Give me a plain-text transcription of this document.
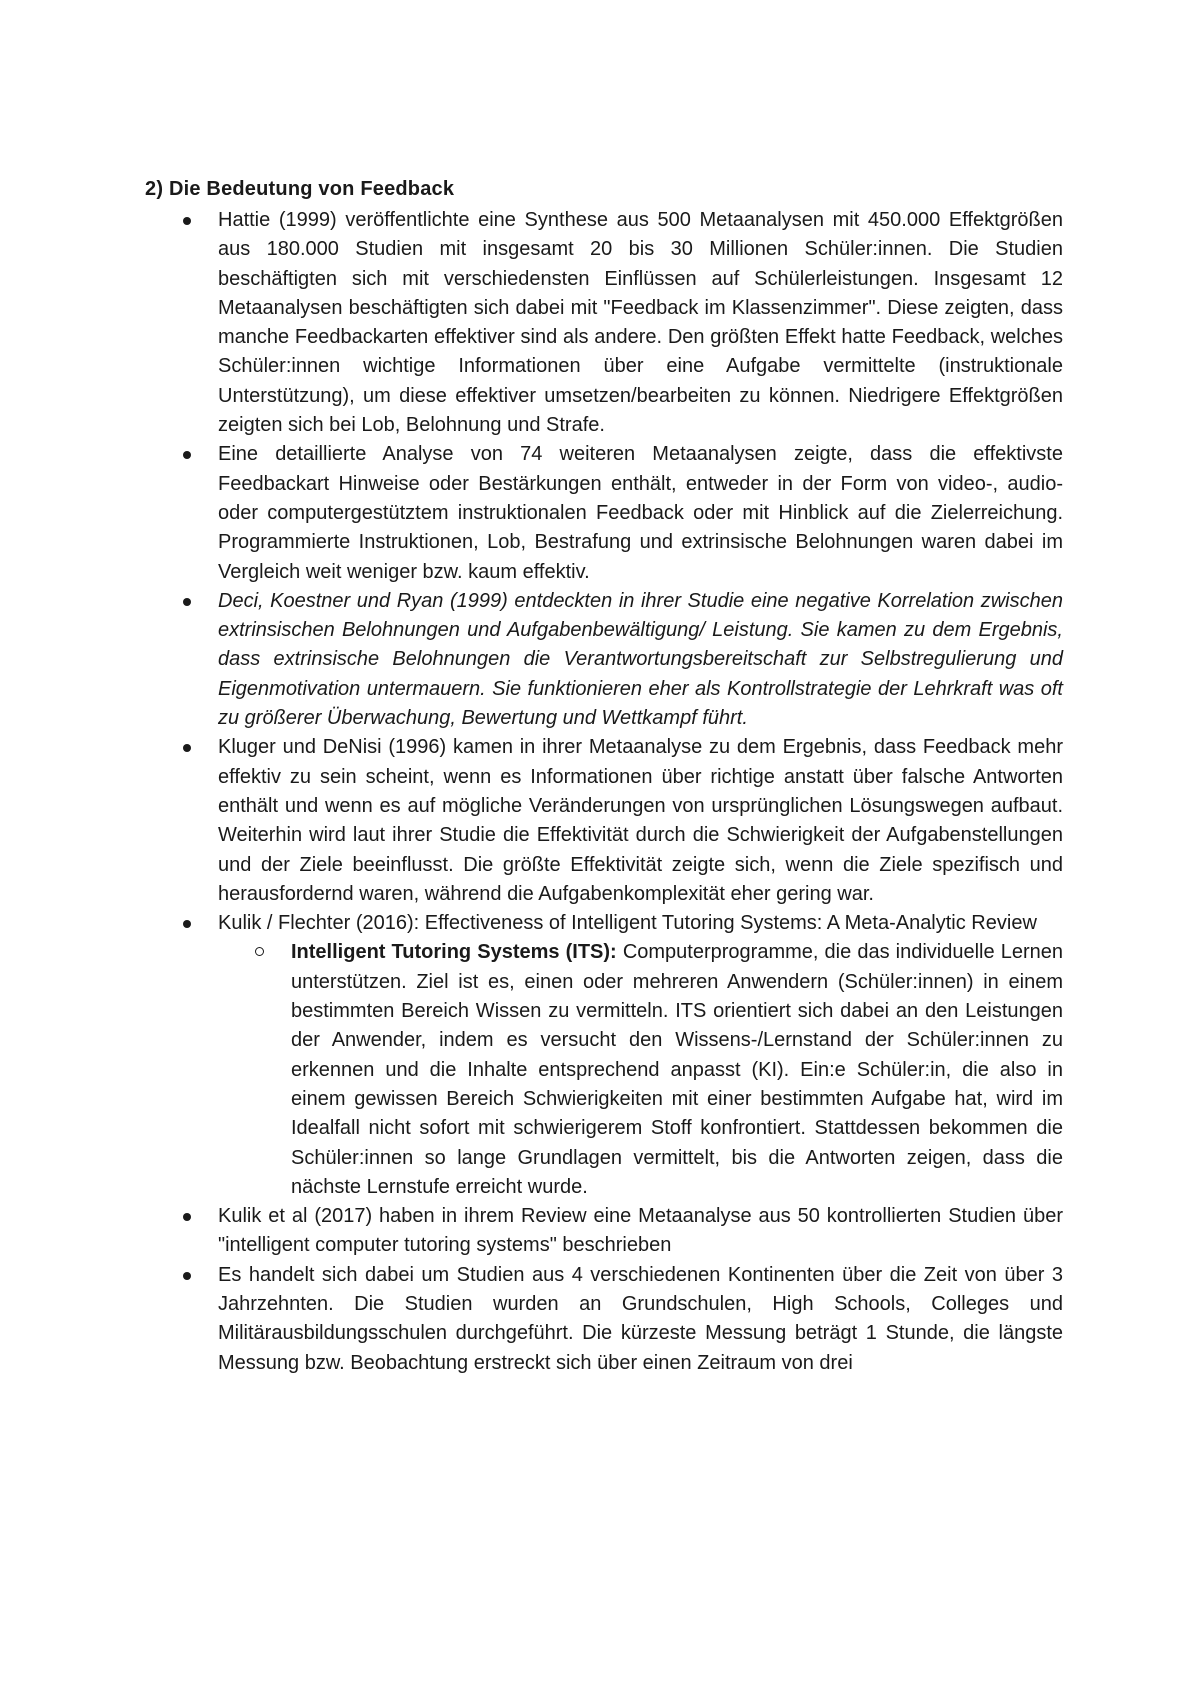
2) Die Bedeutung von Feedback
Hattie (1999) veröffentlichte eine Synthese aus 500 Metaanalysen mit 450.000 Effektgrößen aus 180.000 Studien mit insgesamt 20 bis 30 Millionen Schüler:innen. Die Studien beschäftigten sich mit verschiedensten Einflüssen auf Schülerleistungen. Insgesamt 12 Metaanalysen beschäftigten sich dabei mit "Feedback im Klassenzimmer". Diese zeigten, dass manche Feedbackarten effektiver sind als andere. Den größten Effekt hatte Feedback, welches Schüler:innen wichtige Informationen über eine Aufgabe vermittelte (instruktionale Unterstützung), um diese effektiver umsetzen/bearbeiten zu können. Niedrigere Effektgrößen zeigten sich bei Lob, Belohnung und Strafe.
Eine detaillierte Analyse von 74 weiteren Metaanalysen zeigte, dass die effektivste Feedbackart Hinweise oder Bestärkungen enthält, entweder in der Form von video-, audio- oder computergestütztem instruktionalen Feedback oder mit Hinblick auf die Zielerreichung. Programmierte Instruktionen, Lob, Bestrafung und extrinsische Belohnungen waren dabei im Vergleich weit weniger bzw. kaum effektiv.
Deci, Koestner und Ryan (1999) entdeckten in ihrer Studie eine negative Korrelation zwischen extrinsischen Belohnungen und Aufgabenbewältigung/ Leistung. Sie kamen zu dem Ergebnis, dass extrinsische Belohnungen die Verantwortungsbereitschaft zur Selbstregulierung und Eigenmotivation untermauern. Sie funktionieren eher als Kontrollstrategie der Lehrkraft was oft zu größerer Überwachung, Bewertung und Wettkampf führt.
Kluger und DeNisi (1996) kamen in ihrer Metaanalyse zu dem Ergebnis, dass Feedback mehr effektiv zu sein scheint, wenn es Informationen über richtige anstatt über falsche Antworten enthält und wenn es auf mögliche Veränderungen von ursprünglichen Lösungswegen aufbaut. Weiterhin wird laut ihrer Studie die Effektivität durch die Schwierigkeit der Aufgabenstellungen und der Ziele beeinflusst. Die größte Effektivität zeigte sich, wenn die Ziele spezifisch und herausfordernd waren, während die Aufgabenkomplexität eher gering war.
Kulik / Flechter (2016): Effectiveness of Intelligent Tutoring Systems: A Meta-Analytic Review
Intelligent Tutoring Systems (ITS): Computerprogramme, die das individuelle Lernen unterstützen. Ziel ist es, einen oder mehreren Anwendern (Schüler:innen) in einem bestimmten Bereich Wissen zu vermitteln. ITS orientiert sich dabei an den Leistungen der Anwender, indem es versucht den Wissens-/Lernstand der Schüler:innen zu erkennen und die Inhalte entsprechend anpasst (KI). Ein:e Schüler:in, die also in einem gewissen Bereich Schwierigkeiten mit einer bestimmten Aufgabe hat, wird im Idealfall nicht sofort mit schwierigerem Stoff konfrontiert. Stattdessen bekommen die Schüler:innen so lange Grundlagen vermittelt, bis die Antworten zeigen, dass die nächste Lernstufe erreicht wurde.
Kulik et al (2017) haben in ihrem Review eine Metaanalyse aus 50 kontrollierten Studien über "intelligent computer tutoring systems" beschrieben
Es handelt sich dabei um Studien aus 4 verschiedenen Kontinenten über die Zeit von über 3 Jahrzehnten. Die Studien wurden an Grundschulen, High Schools, Colleges und Militärausbildungsschulen durchgeführt. Die kürzeste Messung beträgt 1 Stunde, die längste Messung bzw. Beobachtung erstreckt sich über einen Zeitraum von drei
